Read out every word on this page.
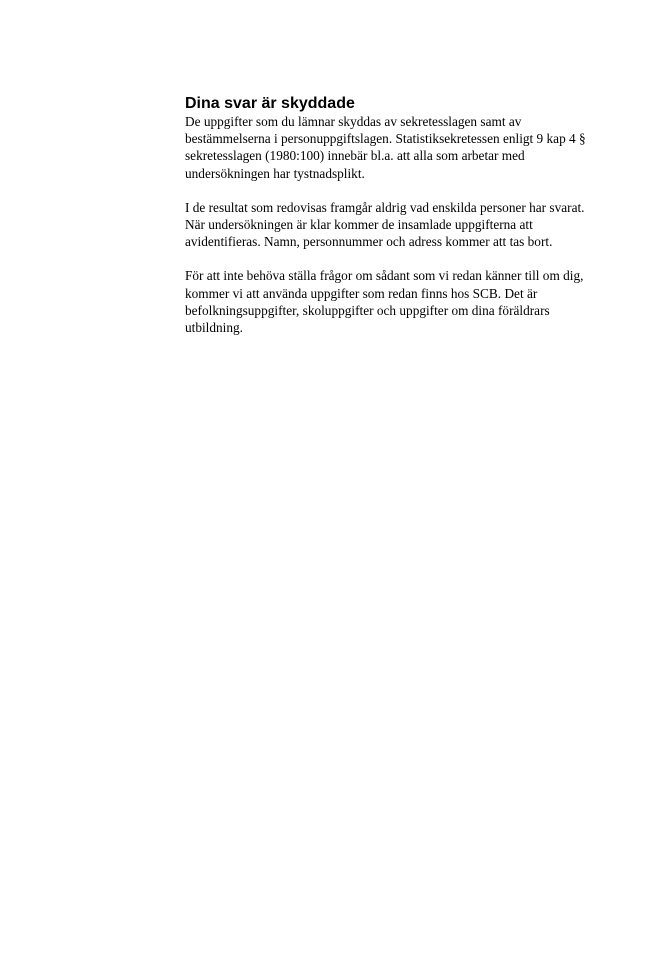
Dina svar är skyddade

De uppgifter som du lämnar skyddas av sekretesslagen samt av
bestämmelserna i personuppgiftslagen. Statistiksekretessen enligt 9 kap 4 §
sekretesslagen (1980:100) innebär bl.a. att alla som arbetar med
undersökningen har tystnadsplikt.

I de resultat som redovisas framgår aldrig vad enskilda personer har svarat.
När undersökningen är klar kommer de insamlade uppgifterna att
avidentifieras. Namn, personnummer och adress kommer att tas bort.

För att inte behöva ställa frågor om sådant som vi redan känner till om dig,
kommer vi att använda uppgifter som redan finns hos SCB. Det är
befolkningsuppgifter, skoluppgifter och uppgifter om dina föräldrars
utbildning.
